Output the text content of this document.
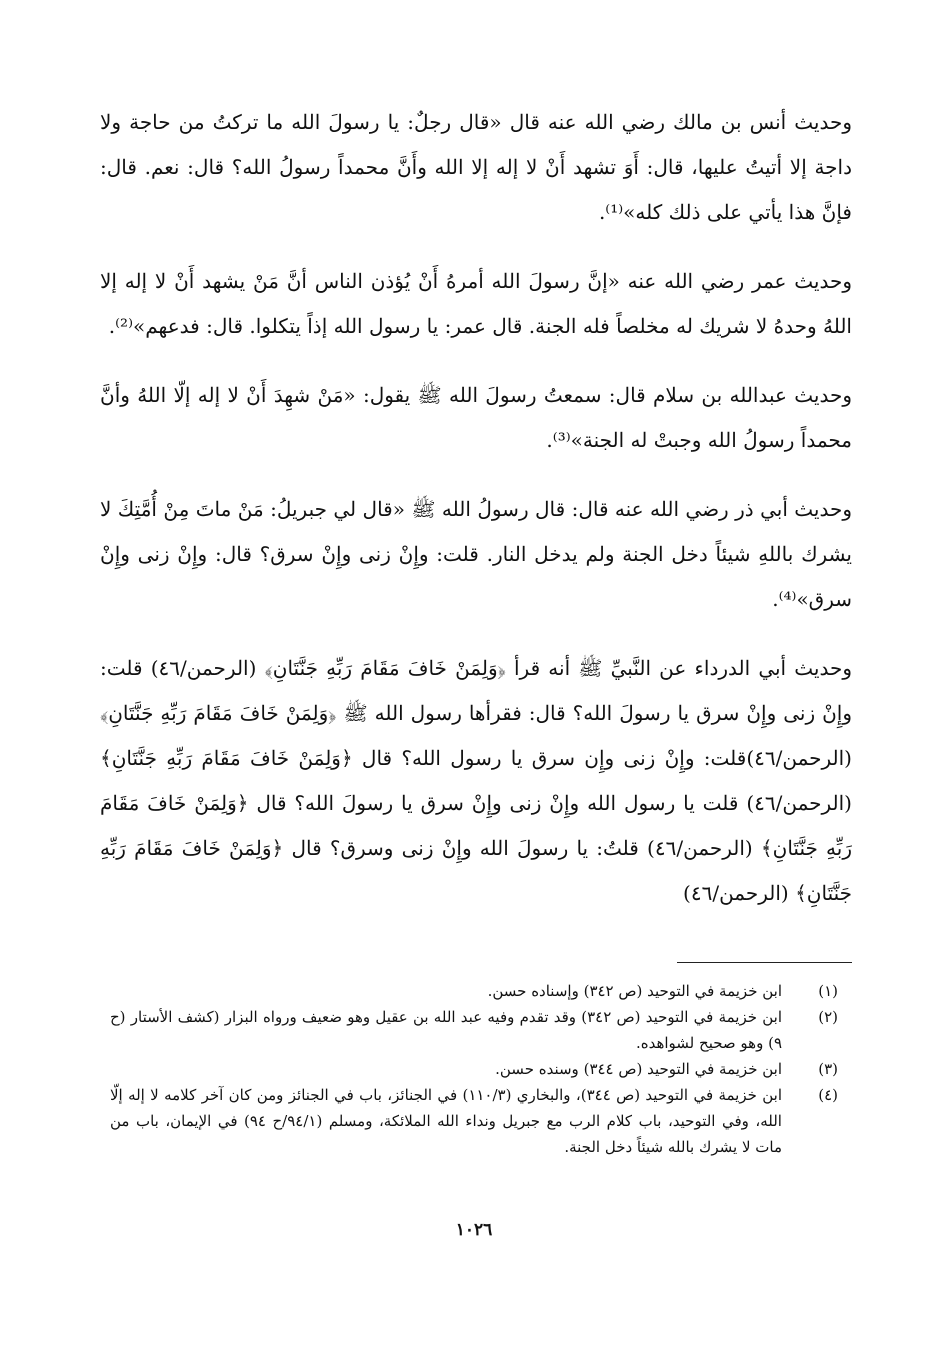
وحديث أنس بن مالك رضي الله عنه قال «قال رجلٌ: يا رسولَ الله ما تركتُ من حاجة ولا داجة إلا أتيتُ عليها، قال: أَوَ تشهد أَنْ لا إله إلا الله وأَنَّ محمداً رسولُ الله؟ قال: نعم. قال: فإنَّ هذا يأتي على ذلك كله»⁽¹⁾.

وحديث عمر رضي الله عنه «إنَّ رسولَ الله أمرهُ أَنْ يُؤذن الناس أنَّ مَنْ يشهد أَنْ لا إله إلا اللهُ وحدهُ لا شريك له مخلصاً فله الجنة. قال عمر: يا رسول الله إذاً يتكلوا. قال: فدعهم»⁽²⁾.

وحديث عبدالله بن سلام قال: سمعتُ رسولَ الله ﷺ يقول: «مَنْ شهِدَ أَنْ لا إله إلّا اللهُ وأنَّ محمداً رسولُ الله وجبتْ له الجنة»⁽³⁾.

وحديث أبي ذر رضي الله عنه قال: قال رسولُ الله ﷺ «قال لي جبريلُ: مَنْ ماتَ مِنْ أُمَّتِكَ لا يشرك باللهِ شيئاً دخل الجنة ولم يدخل النار. قلت: وإِنْ زنى وإِنْ سرق؟ قال: وإِنْ زنى وإِنْ سرق»⁽⁴⁾.

وحديث أبي الدرداء عن النَّبيِّ ﷺ أنه قرأ ﴿وَلِمَنْ خَافَ مَقَامَ رَبِّهِ جَنَّتَانِ﴾ (الرحمن/٤٦) قلت: وإِنْ زنى وإِنْ سرق يا رسولَ الله؟ قال: فقرأها رسول الله ﷺ ﴿وَلِمَنْ خَافَ مَقَامَ رَبِّهِ جَنَّتَانِ﴾(الرحمن/٤٦)قلت: وإِنْ زنى وإِن سرق يا رسول الله؟ قال ﴿وَلِمَنْ خَافَ مَقَامَ رَبِّهِ جَنَّتَانِ﴾ (الرحمن/٤٦) قلت يا رسول الله وإِنْ زنى وإِنْ سرق يا رسولَ الله؟ قال ﴿وَلِمَنْ خَافَ مَقَامَ رَبِّهِ جَنَّتَانِ﴾ (الرحمن/٤٦) قلتُ: يا رسولَ الله وإِنْ زنى وسرق؟ قال ﴿وَلِمَنْ خَافَ مَقَامَ رَبِّهِ جَنَّتَانِ﴾ (الرحمن/٤٦)

(١)
ابن خزيمة في التوحيد (ص ٣٤٢) وإسناده حسن.
(٢)
ابن خزيمة في التوحيد (ص ٣٤٢) وقد تقدم وفيه عبد الله بن عقيل وهو ضعيف ورواه البزار (كشف الأستار (ح ٩) وهو صحيح لشواهده.
(٣)
ابن خزيمة في التوحيد (ص ٣٤٤) وسنده حسن.
(٤)
ابن خزيمة في التوحيد (ص ٣٤٤)، والبخاري (١١٠/٣) في الجنائز، باب في الجنائز ومن كان آخر كلامه لا إله إلّا الله، وفي التوحيد، باب كلام الرب مع جبريل ونداء الله الملائكة، ومسلم (٩٤/١/ح ٩٤) في الإيمان، باب من مات لا يشرك بالله شيئاً دخل الجنة.
١٠٢٦
